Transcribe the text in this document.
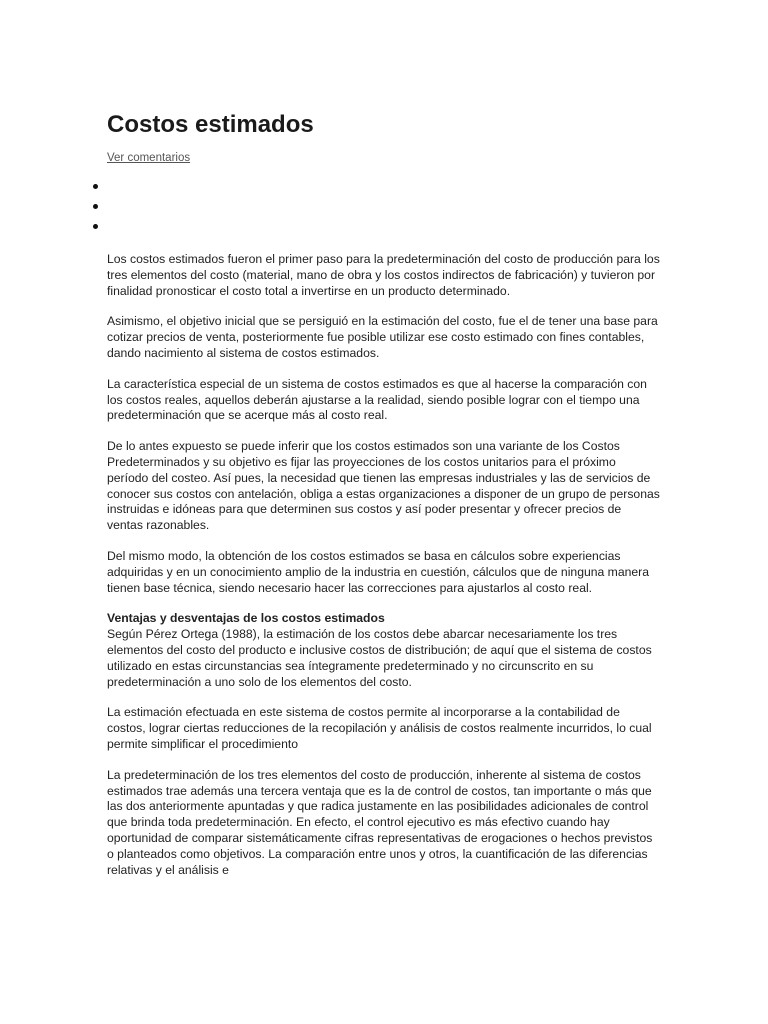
Costos estimados
Ver comentarios

Los costos estimados fueron el primer paso para la predeterminación del costo de producción para los tres elementos del costo (material, mano de obra y los costos indirectos de fabricación) y tuvieron por finalidad pronosticar el costo total a invertirse en un producto determinado.

Asimismo, el objetivo inicial que se persiguió en la estimación del costo, fue el de tener una base para cotizar precios de venta, posteriormente fue posible utilizar ese costo estimado con fines contables, dando nacimiento al sistema de costos estimados.

La característica especial de un sistema de costos estimados es que al hacerse la comparación con los costos reales, aquellos deberán ajustarse a la realidad, siendo posible lograr con el tiempo una predeterminación que se acerque más al costo real.

De lo antes expuesto se puede inferir que los costos estimados son una variante de los Costos Predeterminados y su objetivo es fijar las proyecciones de los costos unitarios para el próximo período del costeo. Así pues, la necesidad que tienen las empresas industriales y las de servicios de conocer sus costos con antelación, obliga a estas organizaciones a disponer de un grupo de personas instruidas e idóneas para que determinen sus costos y así poder presentar y ofrecer precios de ventas razonables.

Del mismo modo, la obtención de los costos estimados se basa en cálculos sobre experiencias adquiridas y en un conocimiento amplio de la industria en cuestión, cálculos que de ninguna manera tienen base técnica, siendo necesario hacer las correcciones para ajustarlos al costo real.

Ventajas y desventajas de los costos estimados
Según Pérez Ortega (1988), la estimación de los costos debe abarcar necesariamente los tres elementos del costo del producto e inclusive costos de distribución; de aquí que el sistema de costos utilizado en estas circunstancias sea íntegramente predeterminado y no circunscrito en su predeterminación a uno solo de los elementos del costo.

La estimación efectuada en este sistema de costos permite al incorporarse a la contabilidad de costos, lograr ciertas reducciones de la recopilación y análisis de costos realmente incurridos, lo cual permite simplificar el procedimiento

La predeterminación de los tres elementos del costo de producción, inherente al sistema de costos estimados trae además una tercera ventaja que es la de control de costos, tan importante o más que las dos anteriormente apuntadas y que radica justamente en las posibilidades adicionales de control que brinda toda predeterminación. En efecto, el control ejecutivo es más efectivo cuando hay oportunidad de comparar sistemáticamente cifras representativas de erogaciones o hechos previstos o planteados como objetivos. La comparación entre unos y otros, la cuantificación de las diferencias relativas y el análisis e
